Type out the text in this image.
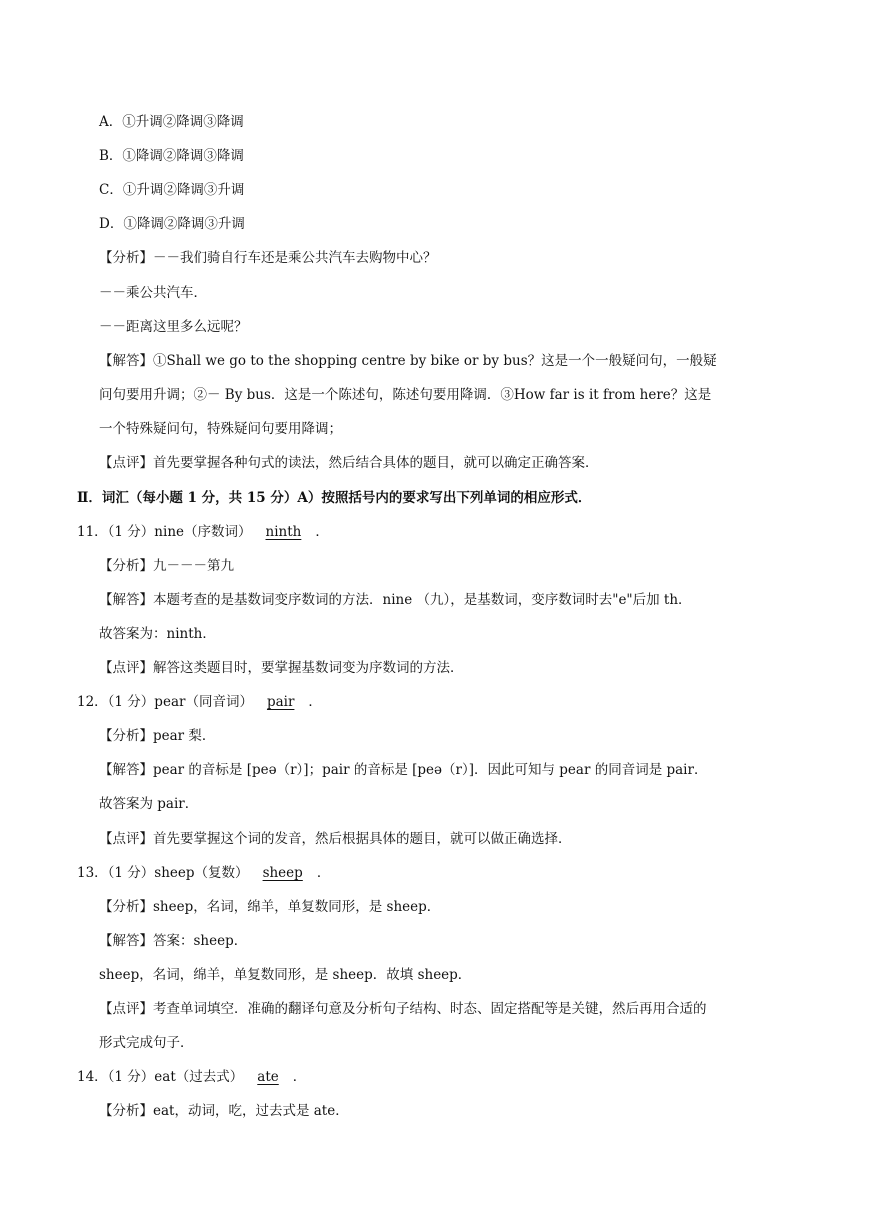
A．①升调②降调③降调
B．①降调②降调③降调
C．①升调②降调③升调
D．①降调②降调③升调
【分析】－－我们骑自行车还是乘公共汽车去购物中心？
－－乘公共汽车．
－－距离这里多么远呢？
【解答】①Shall we go to the shopping centre by bike or by bus？这是一个一般疑问句，一般疑
问句要用升调；②－ By bus．这是一个陈述句，陈述句要用降调．③How far is it from here？这是
一个特殊疑问句，特殊疑问句要用降调；
【点评】首先要掌握各种句式的读法，然后结合具体的题目，就可以确定正确答案．
Ⅱ．词汇（每小题 1 分，共 15 分）A）按照括号内的要求写出下列单词的相应形式．
11．（1 分）nine（序数词） ninth ．
【分析】九－－－第九
【解答】本题考查的是基数词变序数词的方法．nine （九），是基数词，变序数词时去"e"后加 th．
故答案为：ninth．
【点评】解答这类题目时，要掌握基数词变为序数词的方法．
12．（1 分）pear（同音词） pair ．
【分析】pear 梨．
【解答】pear 的音标是 [peə（r）]；pair 的音标是 [peə（r）]．因此可知与 pear 的同音词是 pair．
故答案为 pair．
【点评】首先要掌握这个词的发音，然后根据具体的题目，就可以做正确选择．
13．（1 分）sheep（复数） sheep ．
【分析】sheep，名词，绵羊，单复数同形，是 sheep．
【解答】答案：sheep．
sheep，名词，绵羊，单复数同形，是 sheep．故填 sheep．
【点评】考查单词填空．准确的翻译句意及分析句子结构、时态、固定搭配等是关键，然后再用合适的
形式完成句子．
14．（1 分）eat（过去式） ate ．
【分析】eat，动词，吃，过去式是 ate．
